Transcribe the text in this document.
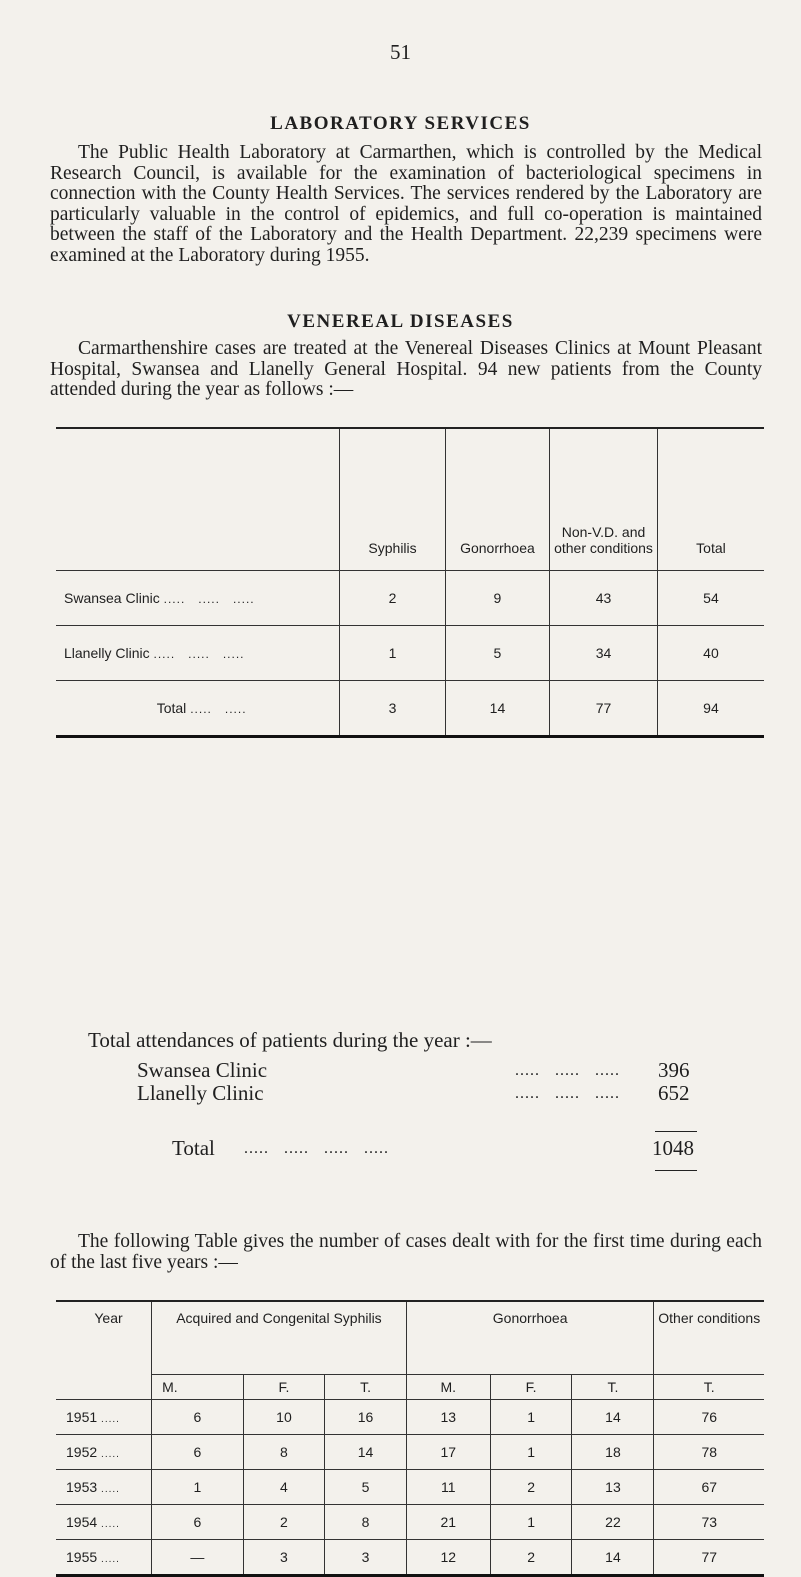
51
LABORATORY SERVICES

The Public Health Laboratory at Carmarthen, which is controlled by the Medical Research Council, is available for the examination of bacteriological specimens in connection with the County Health Services. The services rendered by the Laboratory are particularly valuable in the control of epidemics, and full co-operation is maintained between the staff of the Laboratory and the Health Department. 22,239 specimens were examined at the Laboratory during 1955.

VENEREAL DISEASES

Carmarthenshire cases are treated at the Venereal Diseases Clinics at Mount Pleasant Hospital, Swansea and Llanelly General Hospital. 94 new patients from the County attended during the year as follows :—

	Syphilis	Gonorrhoea	Non-V.D. and other conditions	Total
Swansea Clinic .....   .....   .....	2	9	43	54
Llanelly Clinic .....   .....   .....	1	5	34	40
Total .....   .....	3	14	77	94
Total attendances of patients during the year :—
Swansea Clinic	.....   .....   ..... 396
Llanelly Clinic	.....   .....   ..... 652
Total .....   .....   .....   .....	1048

The following Table gives the number of cases dealt with for the first time during each of the last five years :—

Year	Acquired and Congenital Syphilis			Gonorrhoea			Other conditions
	M.	F.	T.	M.	F.	T.	T.
1951 .....	6	10	16	13	1	14	76
1952 .....	6	8	14	17	1	18	78
1953 .....	1	4	5	11	2	13	67
1954 .....	6	2	8	21	1	22	73
1955 .....	—	3	3	12	2	14	77
